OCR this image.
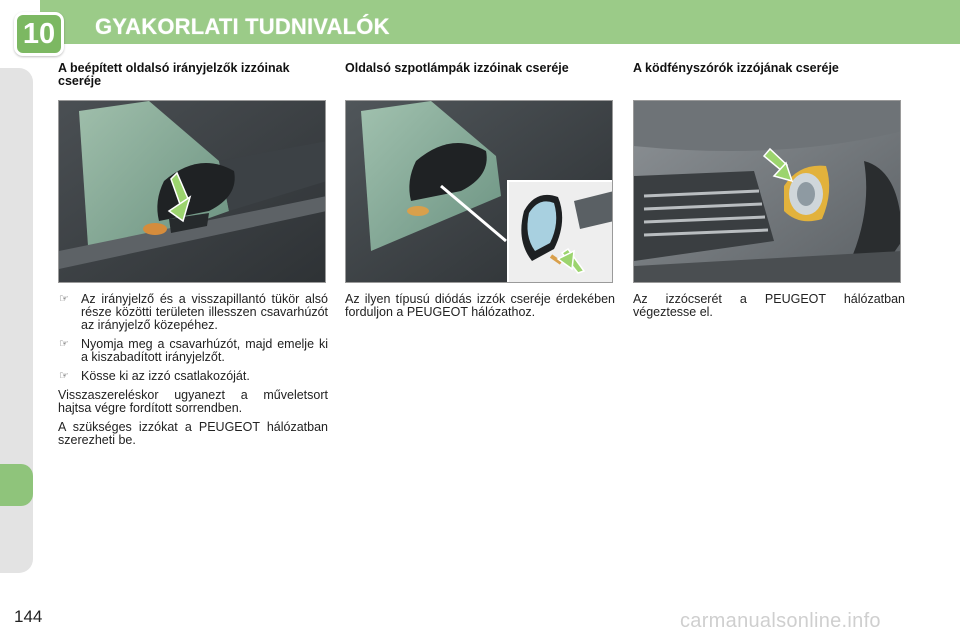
10	GYAKORLATI TUDNIVALÓK
A beépített oldalsó irányjelzők izzóinak cseréje
☞ Az irányjelző és a visszapillantó tükör alsó része közötti területen illesszen csavarhúzót az irányjelző közepéhez.
☞ Nyomja meg a csavarhúzót, majd emelje ki a kiszabadított irányjelzőt.
☞ Kösse ki az izzó csatlakozóját.
Visszaszereléskor ugyanezt a műveletsort hajtsa végre fordított sorrendben.
A szükséges izzókat a PEUGEOT hálózatban szerezheti be.
Oldalsó szpotlámpák izzóinak cseréje
Az ilyen típusú diódás izzók cseréje érdekében forduljon a PEUGEOT hálózathoz.
A ködfényszórók izzójának cseréje
Az izzócserét a PEUGEOT hálózatban végeztesse el.
144	carmanualsonline.info
